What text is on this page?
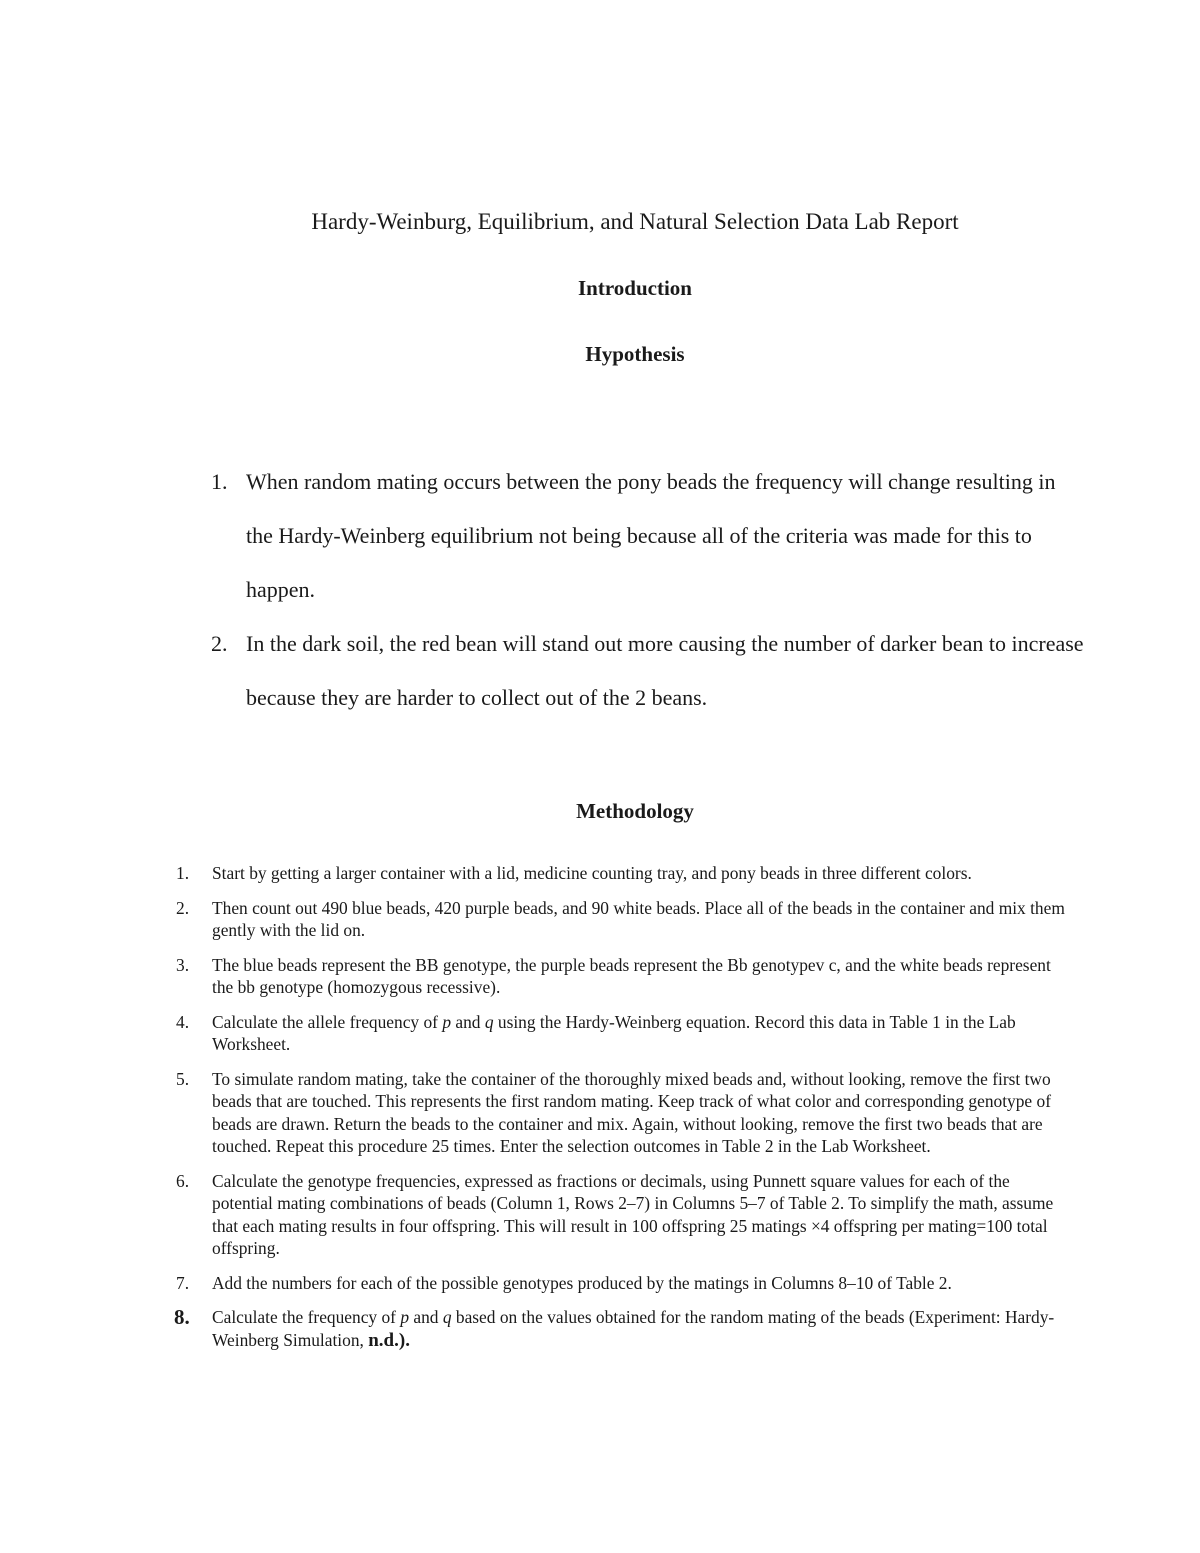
Hardy-Weinburg, Equilibrium, and Natural Selection Data Lab Report
Introduction
Hypothesis
1. When random mating occurs between the pony beads the frequency will change resulting in the Hardy-Weinberg equilibrium not being because all of the criteria was made for this to happen.
2. In the dark soil, the red bean will stand out more causing the number of darker bean to increase because they are harder to collect out of the 2 beans.
Methodology
1. Start by getting a larger container with a lid, medicine counting tray, and pony beads in three different colors.
2. Then count out 490 blue beads, 420 purple beads, and 90 white beads. Place all of the beads in the container and mix them gently with the lid on.
3. The blue beads represent the BB genotype, the purple beads represent the Bb genotypev c, and the white beads represent the bb genotype (homozygous recessive).
4. Calculate the allele frequency of p and q using the Hardy-Weinberg equation. Record this data in Table 1 in the Lab Worksheet.
5. To simulate random mating, take the container of the thoroughly mixed beads and, without looking, remove the first two beads that are touched. This represents the first random mating. Keep track of what color and corresponding genotype of beads are drawn. Return the beads to the container and mix. Again, without looking, remove the first two beads that are touched. Repeat this procedure 25 times. Enter the selection outcomes in Table 2 in the Lab Worksheet.
6. Calculate the genotype frequencies, expressed as fractions or decimals, using Punnett square values for each of the potential mating combinations of beads (Column 1, Rows 2–7) in Columns 5–7 of Table 2. To simplify the math, assume that each mating results in four offspring. This will result in 100 offspring 25 matings ×4 offspring per mating=100 total offspring.
7. Add the numbers for each of the possible genotypes produced by the matings in Columns 8–10 of Table 2.
8. Calculate the frequency of p and q based on the values obtained for the random mating of the beads (Experiment: Hardy-Weinberg Simulation, n.d.).
